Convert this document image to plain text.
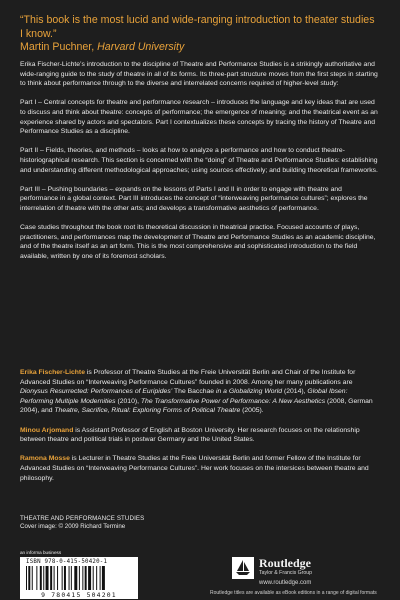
“This book is the most lucid and wide-ranging introduction to theater studies I know.”
Martin Puchner, Harvard University

Erika Fischer-Lichte’s introduction to the discipline of Theatre and Performance Studies is a strikingly authoritative and wide-ranging guide to the study of theatre in all of its forms. Its three-part structure moves from the first steps in starting to think about performance through to the diverse and interrelated concerns required of higher-level study:

Part I – Central concepts for theatre and performance research – introduces the language and key ideas that are used to discuss and think about theatre: concepts of performance; the emergence of meaning; and the theatrical event as an experience shared by actors and spectators. Part I contextualizes these concepts by tracing the history of Theatre and Performance Studies as a discipline.

Part II – Fields, theories, and methods – looks at how to analyze a performance and how to conduct theatre-historiographical research. This section is concerned with the “doing” of Theatre and Performance Studies: establishing and understanding different methodological approaches; using sources effectively; and building theoretical frameworks.

Part III – Pushing boundaries – expands on the lessons of Parts I and II in order to engage with theatre and performance in a global context. Part III introduces the concept of “interweaving performance cultures”; explores the interrelation of theatre with the other arts; and develops a transformative aesthetics of performance.

Case studies throughout the book root its theoretical discussion in theatrical practice. Focused accounts of plays, practitioners, and performances map the development of Theatre and Performance Studies as an academic discipline, and of the theatre itself as an art form. This is the most comprehensive and sophisticated introduction to the field available, written by one of its foremost scholars.

Erika Fischer-Lichte is Professor of Theatre Studies at the Freie Universität Berlin and Chair of the Institute for Advanced Studies on “Interweaving Performance Cultures” founded in 2008. Among her many publications are Dionysus Resurrected: Performances of Euripides’ The Bacchae in a Globalizing World (2014), Global Ibsen: Performing Multiple Modernities (2010), The Transformative Power of Performance: A New Aesthetics (2008, German 2004), and Theatre, Sacrifice, Ritual: Exploring Forms of Political Theatre (2005).

Minou Arjomand is Assistant Professor of English at Boston University. Her research focuses on the relationship between theatre and political trials in postwar Germany and the United States.

Ramona Mosse is Lecturer in Theatre Studies at the Freie Universität Berlin and former Fellow of the Institute for Advanced Studies on “Interweaving Performance Cultures”. Her work focuses on the intersices between theatre and philosophy.

THEATRE AND PERFORMANCE STUDIES
Cover image: © 2009 Richard Termine
an informa business
ISBN 978-0-415-50420-1
9 780415 504201
Routledge
Taylor & Francis Group
www.routledge.com
Routledge titles are available as eBook editions in a range of digital formats
